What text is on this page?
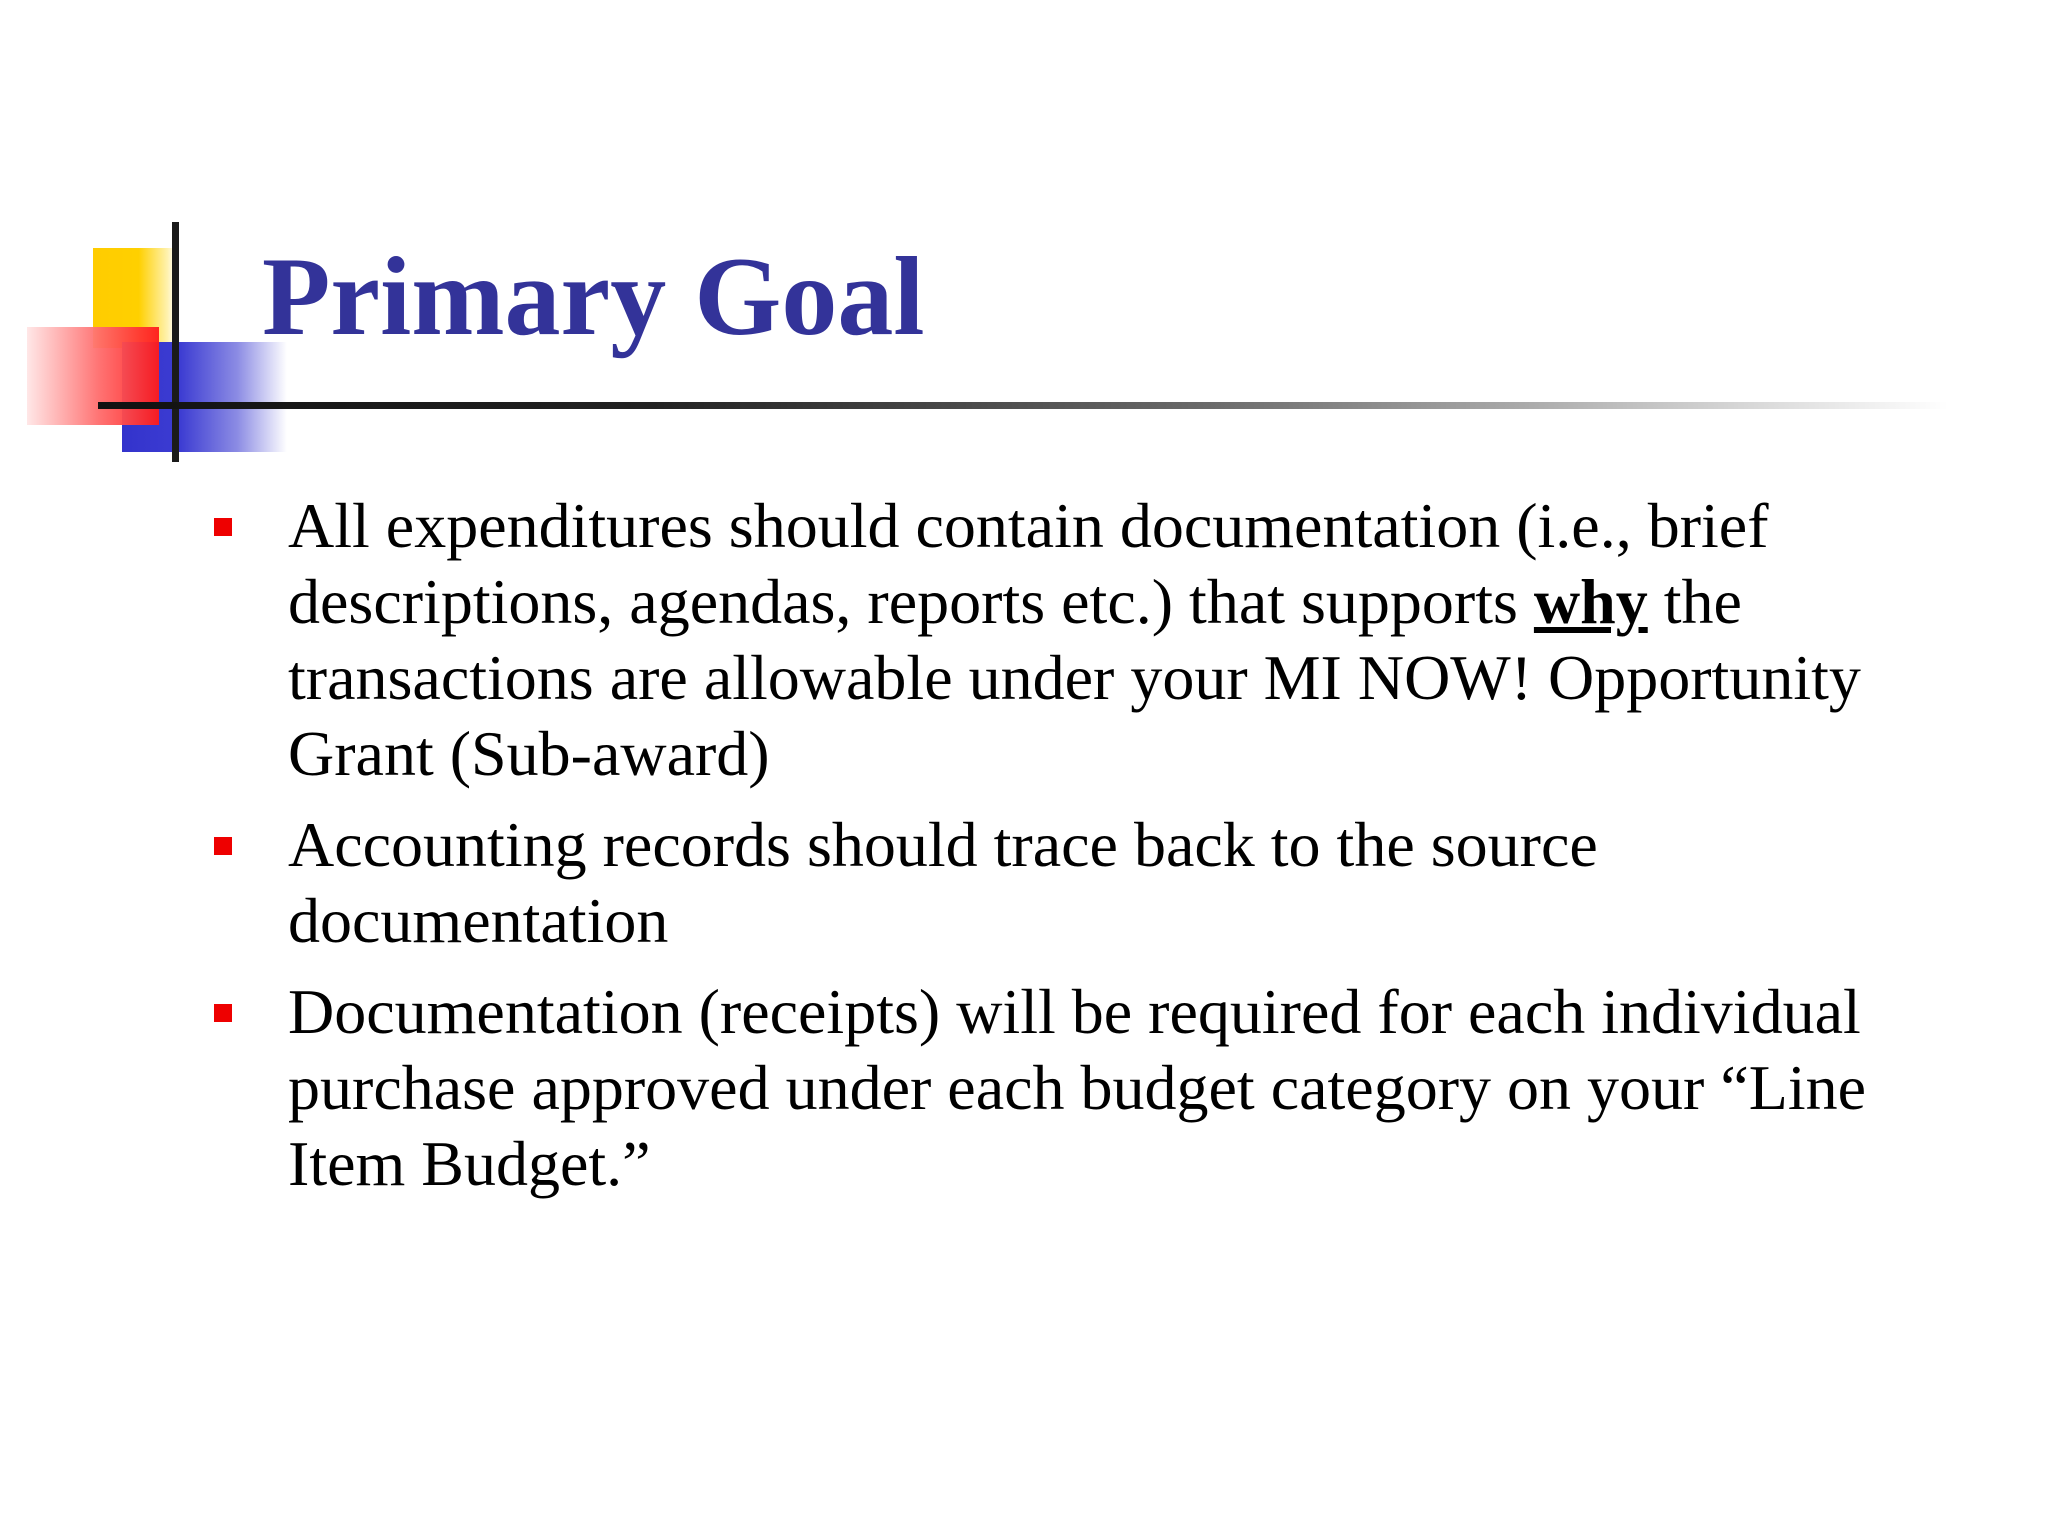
Primary Goal
All expenditures should contain documentation (i.e., brief descriptions, agendas, reports etc.) that supports why the transactions are allowable under your MI NOW! Opportunity Grant (Sub-award)
Accounting records should trace back to the source documentation
Documentation (receipts) will be required for each individual purchase approved under each budget category on your “Line Item Budget.”
